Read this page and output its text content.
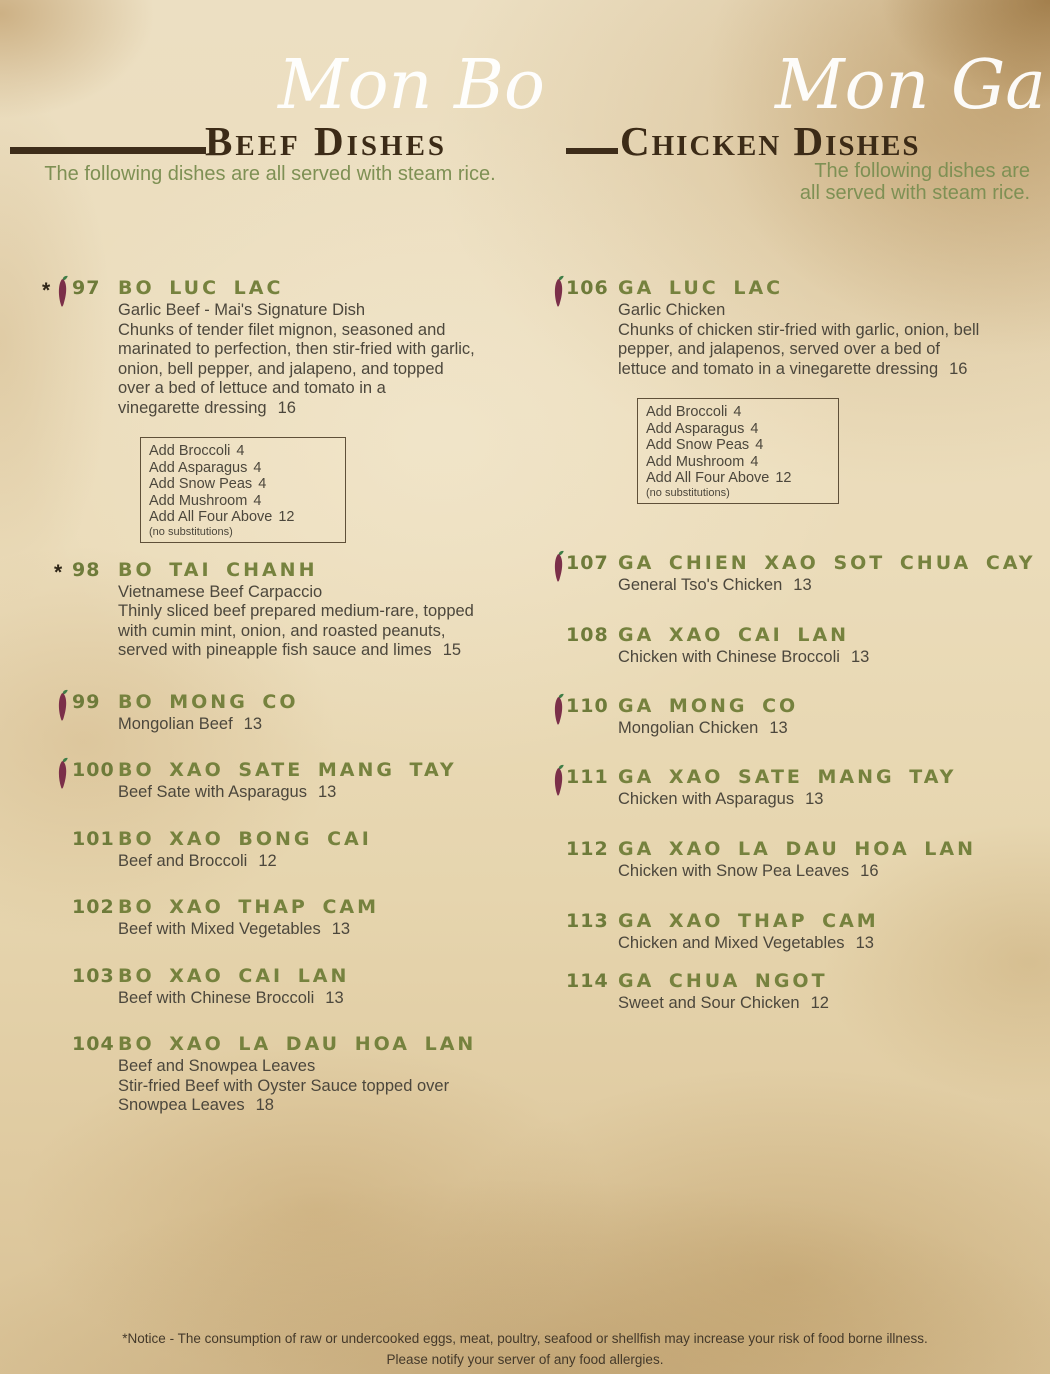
Mon Bo
Beef Dishes
The following dishes are all served with steam rice.
Mon Ga
Chicken Dishes
The following dishes are
all served with steam rice.
* 97 BO LUC LAC
Garlic Beef - Mai's Signature Dish
Chunks of tender filet mignon, seasoned and
marinated to perfection, then stir-fried with garlic,
onion, bell pepper, and jalapeno, and topped
over a bed of lettuce and tomato in a
vinegarette dressing 16
Add Broccoli 4
Add Asparagus 4
Add Snow Peas 4
Add Mushroom 4
Add All Four Above 12
(no substitutions)
* 98 BO TAI CHANH
Vietnamese Beef Carpaccio
Thinly sliced beef prepared medium-rare, topped
with cumin mint, onion, and roasted peanuts,
served with pineapple fish sauce and limes 15
99 BO MONG CO
Mongolian Beef 13
100 BO XAO SATE MANG TAY
Beef Sate with Asparagus 13
101 BO XAO BONG CAI
Beef and Broccoli 12
102 BO XAO THAP CAM
Beef with Mixed Vegetables 13
103 BO XAO CAI LAN
Beef with Chinese Broccoli 13
104 BO XAO LA DAU HOA LAN
Beef and Snowpea Leaves
Stir-fried Beef with Oyster Sauce topped over
Snowpea Leaves 18
106 GA LUC LAC
Garlic Chicken
Chunks of chicken stir-fried with garlic, onion, bell
pepper, and jalapenos, served over a bed of
lettuce and tomato in a vinegarette dressing 16
Add Broccoli 4
Add Asparagus 4
Add Snow Peas 4
Add Mushroom 4
Add All Four Above 12
(no substitutions)
107 GA CHIEN XAO SOT CHUA CAY
General Tso's Chicken 13
108 GA XAO CAI LAN
Chicken with Chinese Broccoli 13
110 GA MONG CO
Mongolian Chicken 13
111 GA XAO SATE MANG TAY
Chicken with Asparagus 13
112 GA XAO LA DAU HOA LAN
Chicken with Snow Pea Leaves 16
113 GA XAO THAP CAM
Chicken and Mixed Vegetables 13
114 GA CHUA NGOT
Sweet and Sour Chicken 12
*Notice - The consumption of raw or undercooked eggs, meat, poultry, seafood or shellfish may increase your risk of food borne illness.
Please notify your server of any food allergies.
